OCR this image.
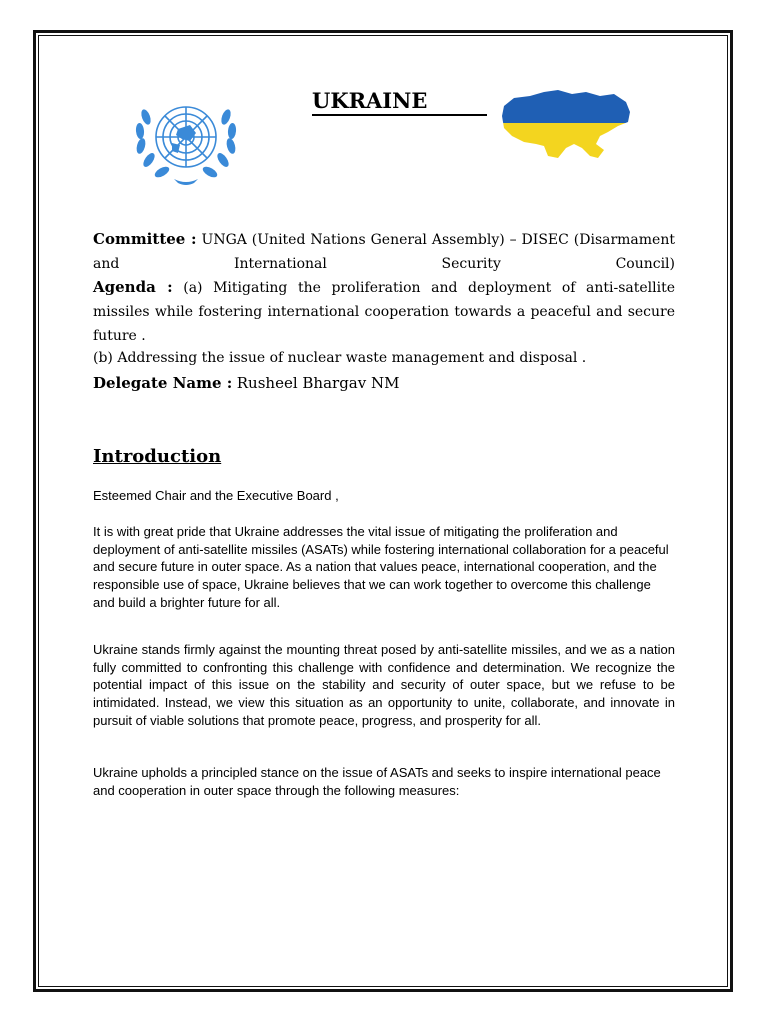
UKRAINE
Committee : UNGA (United Nations General Assembly) – DISEC (Disarmament and International Security Council)
Agenda : (a) Mitigating the proliferation and deployment of anti-satellite missiles while fostering international cooperation towards a peaceful and secure future .
(b) Addressing the issue of nuclear waste management and disposal .
Delegate Name : Rusheel Bhargav NM
Introduction

Esteemed Chair and the Executive Board ,

It is with great pride that Ukraine addresses the vital issue of mitigating the proliferation and deployment of anti-satellite missiles (ASATs) while fostering international collaboration for a peaceful and secure future in outer space. As a nation that values peace, international cooperation, and the responsible use of space, Ukraine believes that we can work together to overcome this challenge and build a brighter future for all.

Ukraine stands firmly against the mounting threat posed by anti-satellite missiles, and we as a nation fully committed to confronting this challenge with confidence and determination. We recognize the potential impact of this issue on the stability and security of outer space, but we refuse to be intimidated. Instead, we view this situation as an opportunity to unite, collaborate, and innovate in pursuit of viable solutions that promote peace, progress, and prosperity for all.

Ukraine upholds a principled stance on the issue of ASATs and seeks to inspire international peace and cooperation in outer space through the following measures:
